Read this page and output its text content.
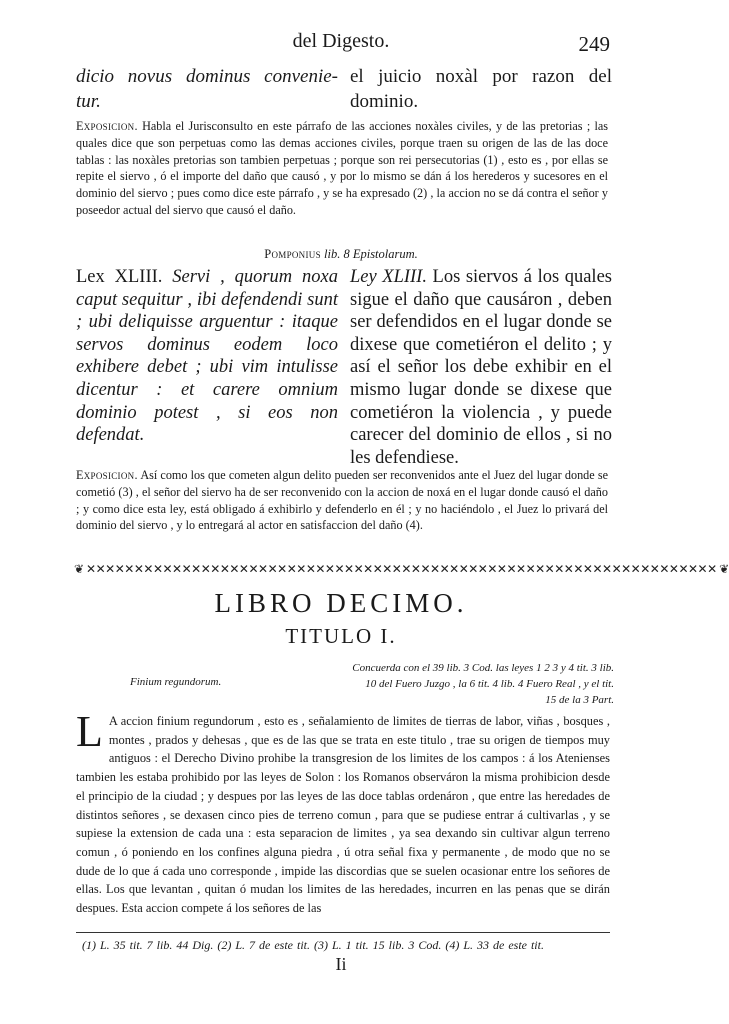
del Digesto.	249
dicio novus dominus convenie- tur.
el juicio noxàl por razon del dominio.
Exposicion. Habla el Jurisconsulto en este párrafo de las acciones noxàles civiles, y de las pretorias ; las quales dice que son perpetuas como las demas acciones civiles, porque traen su origen de las de las doce tablas : las noxàles pretorias son tambien perpetuas ; porque son rei persecutorias (1) , esto es , por ellas se repite el siervo , ó el importe del daño que causó , y por lo mismo se dán á los herederos y sucesores en el dominio del siervo ; pues como dice este párrafo , y se ha expresado (2) , la accion no se dá contra el señor y poseedor actual del siervo que causó el daño.
Pomponius lib. 8 Epistolarum.
Lex XLIII. Servi , quorum noxa caput sequitur , ibi defendendi sunt ; ubi deliquisse arguentur : itaque servos dominus eodem loco exhibere debet ; ubi vim intulisse dicentur : et carere omnium dominio potest , si eos non defendat.
Ley XLIII. Los siervos á los quales sigue el daño que causáron , deben ser defendidos en el lugar donde se dixese que cometiéron el delito ; y así el señor los debe exhibir en el mismo lugar donde se dixese que cometiéron la violencia , y puede carecer del dominio de ellos , si no les defendiese.
Exposicion. Así como los que cometen algun delito pueden ser reconvenidos ante el Juez del lugar donde se cometió (3) , el señor del siervo ha de ser reconvenido con la accion de noxá en el lugar donde causó el daño ; y como dice esta ley, está obligado á exhibirlo y defenderlo en él ; y no haciéndolo , el Juez lo privará del dominio del siervo , y lo entregará al actor en satisfaccion del daño (4).
❦ ✕✕✕✕✕✕✕✕✕✕✕✕✕✕✕✕✕✕✕✕✕✕✕✕✕✕✕✕✕✕✕✕✕✕✕✕✕✕✕✕✕✕✕✕✕✕✕✕✕✕✕✕✕✕✕✕✕✕✕✕✕✕✕✕✕✕ ❦
LIBRO DECIMO.
TITULO I.
Finium regundorum.
Concuerda con el 39 lib. 3 Cod. las leyes 1 2 3 y 4 tit. 3 lib. 10 del Fuero Juzgo , la 6 tit. 4 lib. 4 Fuero Real , y el tit. 15 de la 3 Part.
L A accion finium regundorum , esto es , señalamiento de limites de tierras de labor, viñas , bosques , montes , prados y dehesas , que es de las que se trata en este titulo , trae su origen de tiempos muy antiguos : el Derecho Divino prohibe la transgresion de los limites de los campos : á los Atenienses tambien les estaba prohibido por las leyes de Solon : los Romanos observáron la misma prohibicion desde el principio de la ciudad ; y despues por las leyes de las doce tablas ordenáron , que entre las heredades de distintos señores , se dexasen cinco pies de terreno comun , para que se pudiese entrar á cultivarlas , y se supiese la extension de cada una : esta separacion de limites , ya sea dexando sin cultivar algun terreno comun , ó poniendo en los confines alguna piedra , ú otra señal fixa y permanente , de modo que no se dude de lo que á cada uno corresponde , impide las discordias que se suelen ocasionar entre los señores de ellas. Los que levantan , quitan ó mudan los limites de las heredades, incurren en las penas que se dirán despues. Esta accion compete á los señores de las
(1) L. 35 tit. 7 lib. 44 Dig. (2) L. 7 de este tit. (3) L. 1 tit. 15 lib. 3 Cod. (4) L. 33 de este tit.
Ii
